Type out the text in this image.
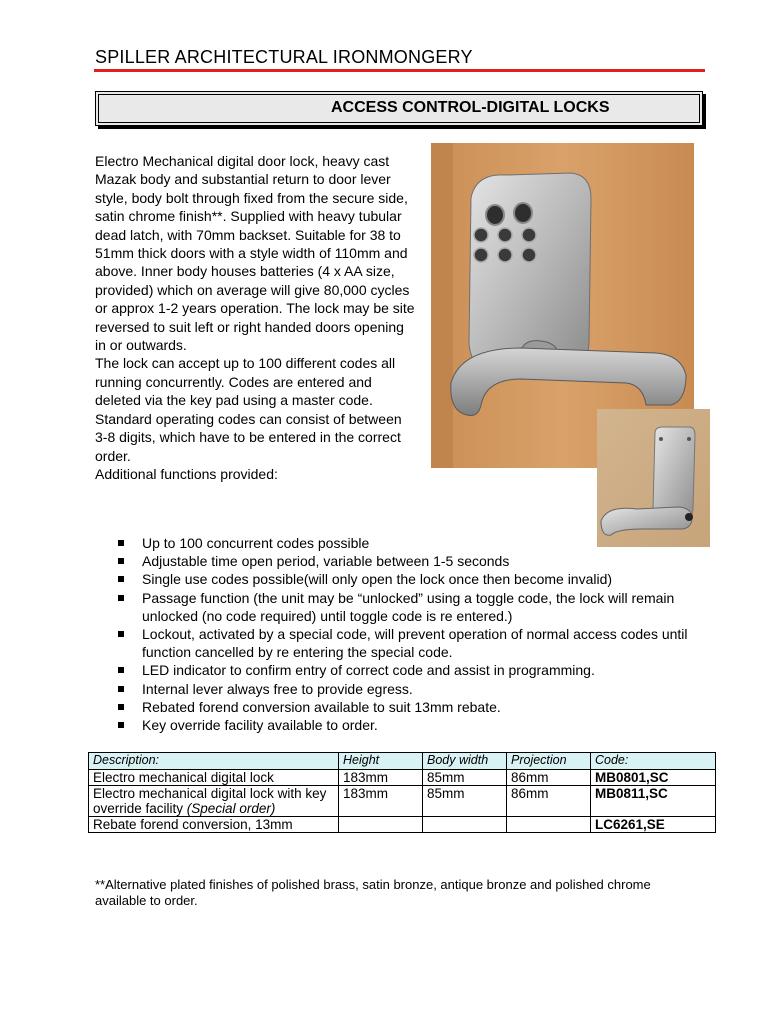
SPILLER ARCHITECTURAL IRONMONGERY
ACCESS CONTROL-DIGITAL LOCKS

Electro Mechanical digital door lock, heavy cast Mazak body and substantial return to door lever style, body bolt through fixed from the secure side, satin chrome finish**. Supplied with heavy tubular dead latch, with 70mm backset. Suitable for 38 to 51mm thick doors with a style width of 110mm and above. Inner body houses batteries (4 x AA size, provided) which on average will give 80,000 cycles or approx 1-2 years operation. The lock may be site reversed to suit left or right handed doors opening in or outwards.

The lock can accept up to 100 different codes all running concurrently. Codes are entered and deleted via the key pad using a master code. Standard operating codes can consist of between 3-8 digits, which have to be entered in the correct order.

Additional functions provided:

Up to 100 concurrent codes possible
Adjustable time open period, variable between 1-5 seconds
Single use codes possible(will only open the lock once then become invalid)
Passage function (the unit may be “unlocked” using a toggle code, the lock will remain unlocked (no code required) until toggle code is re entered.)
Lockout, activated by a special code, will prevent operation of normal access codes until function cancelled by re entering the special code.
LED indicator to confirm entry of correct code and assist in programming.
Internal lever always free to provide egress.
Rebated forend conversion available to suit 13mm rebate.
Key override facility available to order.
Description:	Height	Body width	Projection	Code:
Electro mechanical digital lock	183mm	85mm	86mm	MB0801,SC
Electro mechanical digital lock with key override facility (Special order)	183mm	85mm	86mm	MB0811,SC
Rebate forend conversion, 13mm				LC6261,SE
**Alternative plated finishes of polished brass, satin bronze, antique bronze and polished chrome available to order.
